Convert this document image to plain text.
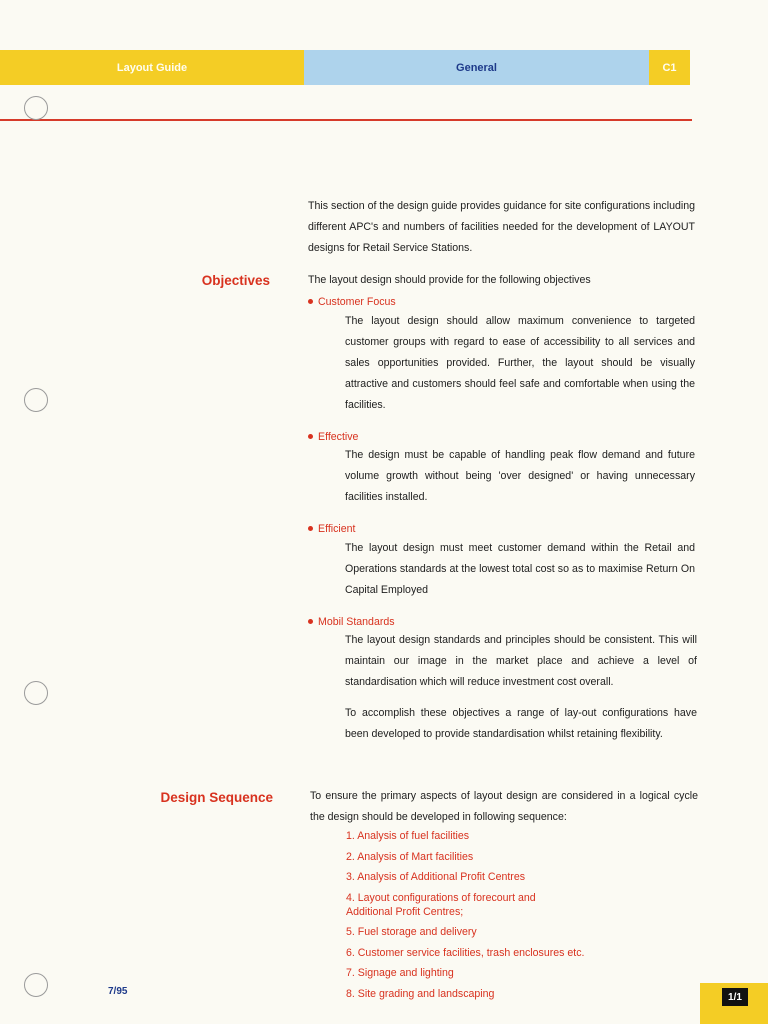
Layout Guide	General	C1
This section of the design guide provides guidance for site configurations including different APC's and numbers of facilities needed for the development of LAYOUT designs for Retail Service Stations.
Objectives	The layout design should provide for the following objectives
Customer Focus
The layout design should allow maximum convenience to targeted customer groups with regard to ease of accessibility to all services and sales opportunities provided. Further, the layout should be visually attractive and customers should feel safe and comfortable when using the facilities.
Effective
The design must be capable of handling peak flow demand and future volume growth without being 'over designed' or having unnecessary facilities installed.
Efficient
The layout design must meet customer demand within the Retail and Operations standards at the lowest total cost so as to maximise Return On Capital Employed
Mobil Standards
The layout design standards and principles should be consistent. This will maintain our image in the market place and achieve a level of standardisation which will reduce investment cost overall.
To accomplish these objectives a range of lay-out configurations have been developed to provide standardisation whilst retaining flexibility.
Design Sequence	To ensure the primary aspects of layout design are considered in a logical cycle the design should be developed in following sequence:
1. Analysis of fuel facilities
2. Analysis of Mart facilities
3. Analysis of Additional Profit Centres
4. Layout configurations of forecourt and Additional Profit Centres;
5. Fuel storage and delivery
6. Customer service facilities, trash enclosures etc.
7. Signage and lighting
8. Site grading and landscaping
7/95	1/1
